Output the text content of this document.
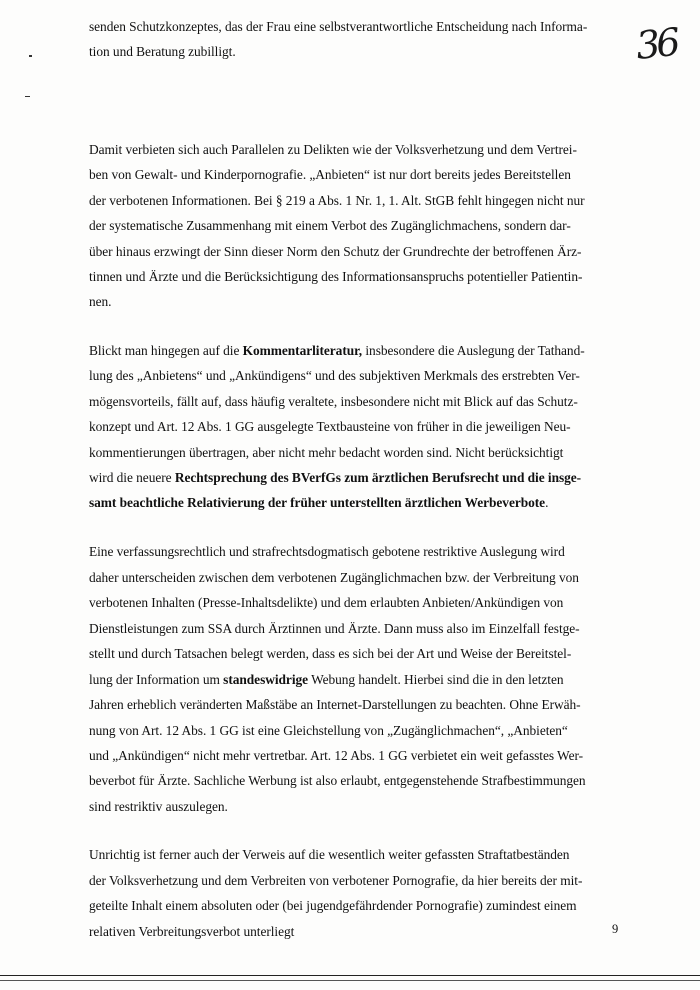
36
senden Schutzkonzeptes, das der Frau eine selbstverantwortliche Entscheidung nach Informa-
tion und Beratung zubilligt.
Damit verbieten sich auch Parallelen zu Delikten wie der Volksverhetzung und dem Vertrei-
ben von Gewalt- und Kinderpornografie. „Anbieten“ ist nur dort bereits jedes Bereitstellen
der verbotenen Informationen. Bei § 219 a Abs. 1 Nr. 1, 1. Alt. StGB fehlt hingegen nicht nur
der systematische Zusammenhang mit einem Verbot des Zugänglichmachens, sondern dar-
über hinaus erzwingt der Sinn dieser Norm den Schutz der Grundrechte der betroffenen Ärz-
tinnen und Ärzte und die Berücksichtigung des Informationsanspruchs potentieller Patientin-
nen.
Blickt man hingegen auf die Kommentarliteratur, insbesondere die Auslegung der Tathand-
lung des „Anbietens“ und „Ankündigens“ und des subjektiven Merkmals des erstrebten Ver-
mögensvorteils, fällt auf, dass häufig veraltete, insbesondere nicht mit Blick auf das Schutz-
konzept und Art. 12 Abs. 1 GG ausgelegte Textbausteine von früher in die jeweiligen Neu-
kommentierungen übertragen, aber nicht mehr bedacht worden sind. Nicht berücksichtigt
wird die neuere Rechtsprechung des BVerfGs zum ärztlichen Berufsrecht und die insge-
samt beachtliche Relativierung der früher unterstellten ärztlichen Werbeverbote.
Eine verfassungsrechtlich und strafrechtsdogmatisch gebotene restriktive Auslegung wird
daher unterscheiden zwischen dem verbotenen Zugänglichmachen bzw. der Verbreitung von
verbotenen Inhalten (Presse-Inhaltsdelikte) und dem erlaubten Anbieten/Ankündigen von
Dienstleistungen zum SSA durch Ärztinnen und Ärzte. Dann muss also im Einzelfall festge-
stellt und durch Tatsachen belegt werden, dass es sich bei der Art und Weise der Bereitstel-
lung der Information um standeswidrige Webung handelt. Hierbei sind die in den letzten
Jahren erheblich veränderten Maßstäbe an Internet-Darstellungen zu beachten. Ohne Erwäh-
nung von Art. 12 Abs. 1 GG ist eine Gleichstellung von „Zugänglichmachen“, „Anbieten“
und „Ankündigen“ nicht mehr vertretbar. Art. 12 Abs. 1 GG verbietet ein weit gefasstes Wer-
beverbot für Ärzte. Sachliche Werbung ist also erlaubt, entgegenstehende Strafbestimmungen
sind restriktiv auszulegen.
Unrichtig ist ferner auch der Verweis auf die wesentlich weiter gefassten Straftatbeständen
der Volksverhetzung und dem Verbreiten von verbotener Pornografie, da hier bereits der mit-
geteilte Inhalt einem absoluten oder (bei jugendgefährdender Pornografie) zumindest einem
relativen Verbreitungsverbot unterliegt	9
